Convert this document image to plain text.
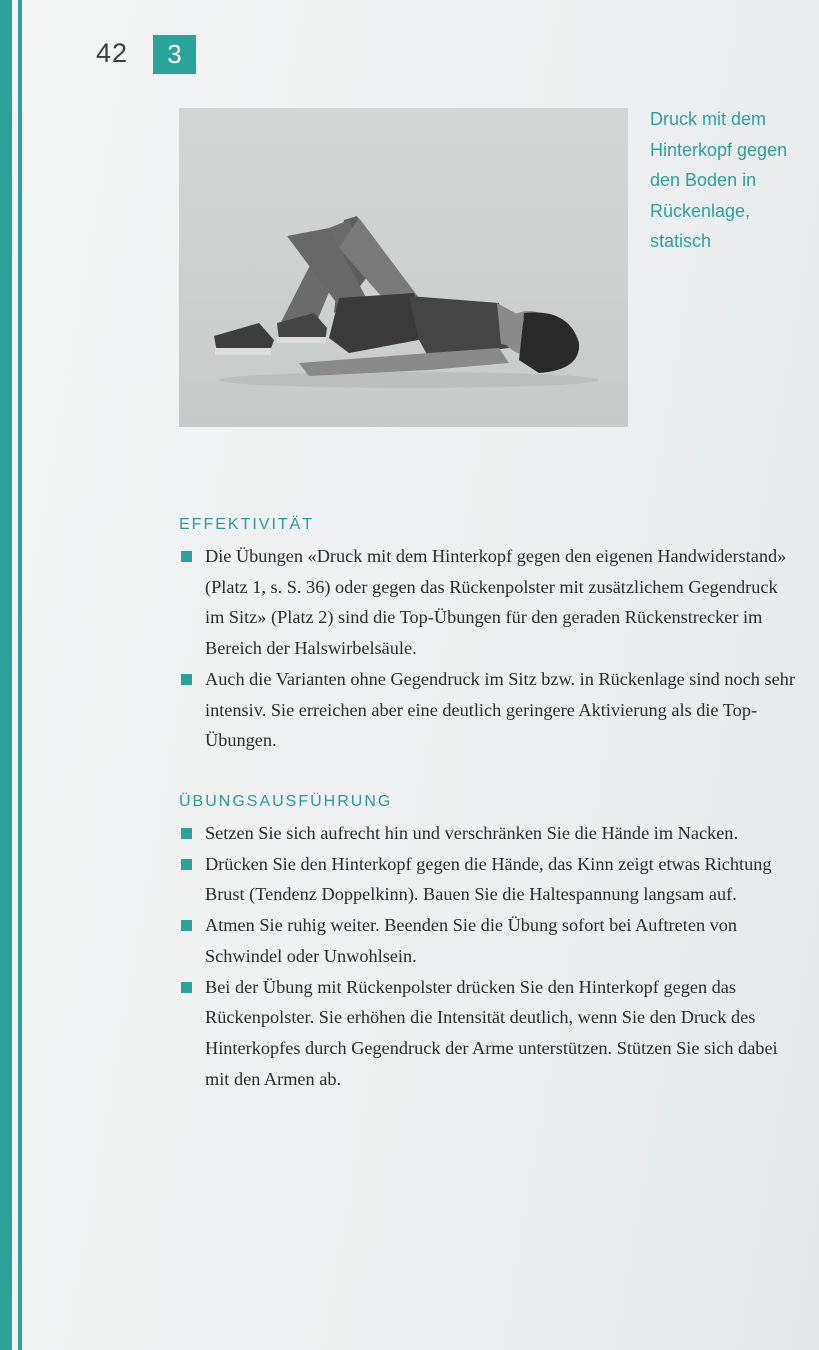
42	3
Druck mit dem Hinterkopf gegen den Boden in Rückenlage, statisch
EFFEKTIVITÄT
Die Übungen «Druck mit dem Hinterkopf gegen den eigenen Handwiderstand» (Platz 1, s. S. 36) oder gegen das Rückenpolster mit zusätzlichem Gegendruck im Sitz» (Platz 2) sind die Top-Übungen für den geraden Rückenstrecker im Bereich der Halswirbelsäule.
Auch die Varianten ohne Gegendruck im Sitz bzw. in Rückenlage sind noch sehr intensiv. Sie erreichen aber eine deutlich geringere Aktivierung als die Top-Übungen.
ÜBUNGSAUSFÜHRUNG
Setzen Sie sich aufrecht hin und verschränken Sie die Hände im Nacken.
Drücken Sie den Hinterkopf gegen die Hände, das Kinn zeigt etwas Richtung Brust (Tendenz Doppelkinn). Bauen Sie die Haltespannung langsam auf.
Atmen Sie ruhig weiter. Beenden Sie die Übung sofort bei Auftreten von Schwindel oder Unwohlsein.
Bei der Übung mit Rückenpolster drücken Sie den Hinterkopf gegen das Rückenpolster. Sie erhöhen die Intensität deutlich, wenn Sie den Druck des Hinterkopfes durch Gegendruck der Arme unterstützen. Stützen Sie sich dabei mit den Armen ab.
